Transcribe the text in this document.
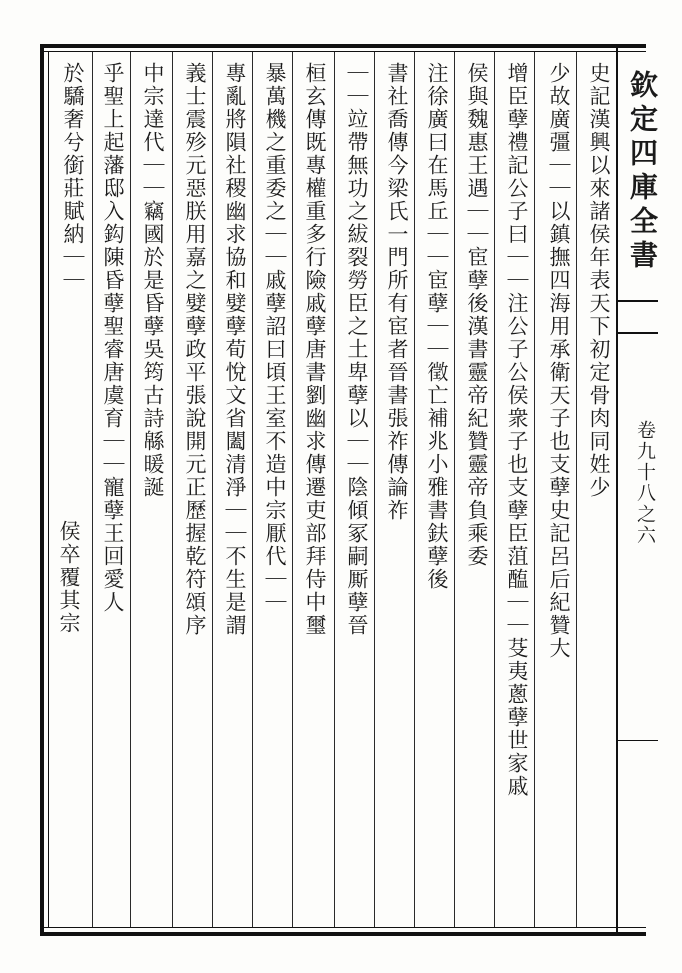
欽定四庫全書
卷九十八之六
史記漢興以來諸侯年表天下初定骨肉同姓少
少故廣彊｜｜以鎮撫四海用承衛天子也支孽史記呂后紀贊大
增臣孽禮記公子曰｜｜注公子公侯衆子也支孽臣菹醢｜｜芟夷蔥孽世家戚
侯與魏惠王遇｜｜宦孽後漢書靈帝紀贊靈帝負乘委
注徐廣曰在馬丘｜｜宦孽｜｜徵亡補兆小雅書鈇孽後
書社喬傳今梁氏一門所有宦者晉書張祚傳論祚
｜｜竝帶無功之紱裂勞臣之土卑孽以｜｜陰傾冢嗣厮孽晉
桓玄傳既專權重多行險戚孽唐書劉幽求傳遷吏部拜侍中璽
暴萬機之重委之｜｜戚孽詔曰頃王室不造中宗厭代｜｜
專亂將隕社稷幽求協和嬖孽荀悅文省闔清淨｜｜不生是謂
義士震殄元惡朕用嘉之嬖孽政平張說開元正歷握乾符頌序
中宗達代｜｜竊國於是昏孽吳筠古詩緜暖誕
乎聖上起藩邸入鈎陳昏孽聖睿唐虞育｜｜寵孽王回愛人
於驕奢兮銜莊賦納｜｜
侯卒覆其宗
